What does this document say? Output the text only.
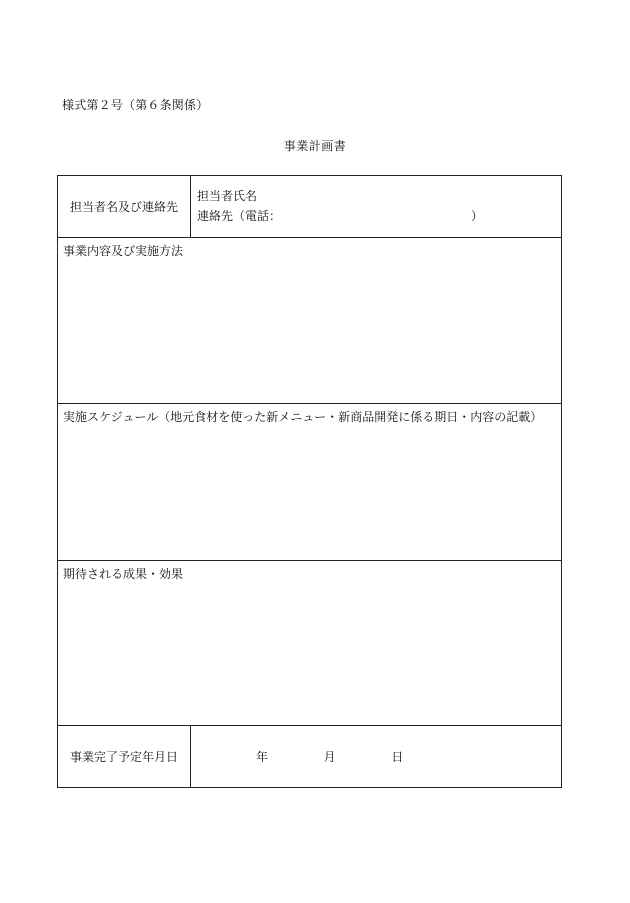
様式第２号（第６条関係）
事業計画書
担当者名及び連絡先	担当者氏名
連絡先（電話： ）

事業内容及び実施方法	

実施スケジュール（地元食材を使った新メニュー・新商品開発に係る期日・内容の記載）	

期待される成果・効果	

事業完了予定年月日	年 月 日
